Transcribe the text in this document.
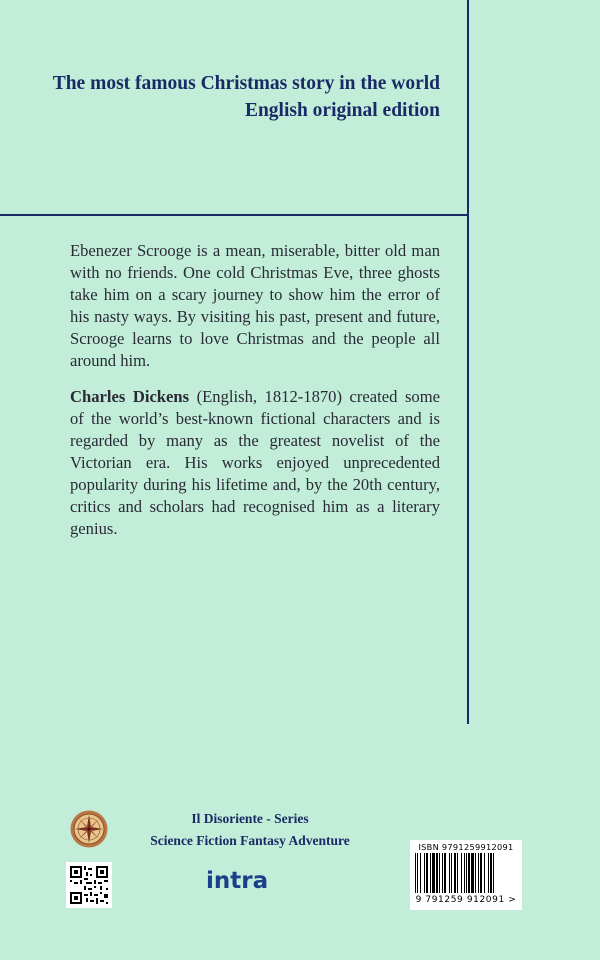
The most famous Christmas story in the world
English original edition

Ebenezer Scrooge is a mean, miserable, bitter old man with no friends. One cold Christmas Eve, three ghosts take him on a scary journey to show him the error of his nasty ways. By visiting his past, present and future, Scrooge learns to love Christmas and the people all around him.

Charles Dickens (English, 1812-1870) created some of the world’s best-known fictional characters and is regarded by many as the greatest novelist of the Victorian era. His works enjoyed unprecedented popularity during his lifetime and, by the 20th century, critics and scholars had recognised him as a literary genius.

Il Disoriente - Series
Science Fiction Fantasy Adventure
intra
ISBN 9791259912091
9 791259 912091 >
